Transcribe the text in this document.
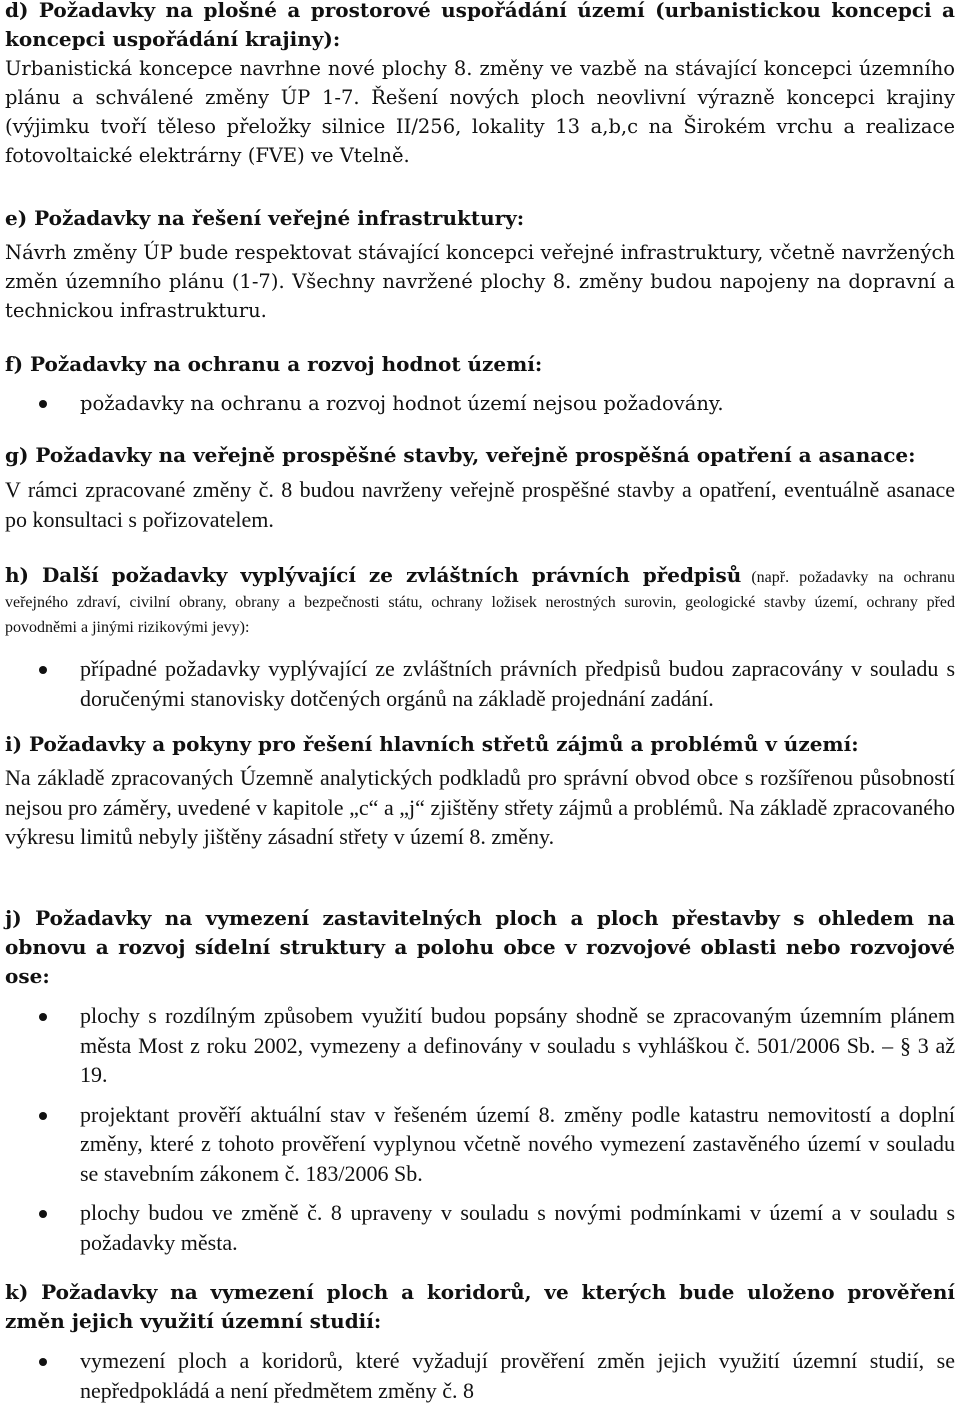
d) Požadavky na plošné a prostorové uspořádání území (urbanistickou koncepci a koncepci uspořádání krajiny):

Urbanistická koncepce navrhne nové plochy 8. změny ve vazbě na stávající koncepci územního plánu a schválené změny ÚP 1-7. Řešení nových ploch neovlivní výrazně koncepci krajiny (výjimku tvoří těleso přeložky silnice II/256, lokality 13 a,b,c na Širokém vrchu a realizace fotovoltaické elektrárny (FVE) ve Vtelně.

e) Požadavky na řešení veřejné infrastruktury:

Návrh změny ÚP bude respektovat stávající koncepci veřejné infrastruktury, včetně navržených změn územního plánu (1-7). Všechny navržené plochy 8. změny budou napojeny na dopravní a technickou infrastrukturu.

f) Požadavky na ochranu a rozvoj hodnot území:

požadavky na ochranu a rozvoj hodnot území nejsou požadovány.

g) Požadavky na veřejně prospěšné stavby, veřejně prospěšná opatření a asanace:

V rámci zpracované změny č. 8 budou navrženy veřejně prospěšné stavby a opatření, eventuálně asanace po konsultaci s pořizovatelem.

h) Další požadavky vyplývající ze zvláštních právních předpisů (např. požadavky na ochranu veřejného zdraví, civilní obrany, obrany a bezpečnosti státu, ochrany ložisek nerostných surovin, geologické stavby území, ochrany před povodněmi a jinými rizikovými jevy):

případné požadavky vyplývající ze zvláštních právních předpisů budou zapracovány v souladu s doručenými stanovisky dotčených orgánů na základě projednání zadání.

i) Požadavky a pokyny pro řešení hlavních střetů zájmů a problémů v území:

Na základě zpracovaných Územně analytických podkladů pro správní obvod obce s rozšířenou působností nejsou pro záměry, uvedené v kapitole „c“ a „j“ zjištěny střety zájmů a problémů. Na základě zpracovaného výkresu limitů nebyly jištěny zásadní střety v území 8. změny.

j) Požadavky na vymezení zastavitelných ploch a ploch přestavby s ohledem na obnovu a rozvoj sídelní struktury a polohu obce v rozvojové oblasti nebo rozvojové ose:

plochy s rozdílným způsobem využití budou popsány shodně se zpracovaným územním plánem města Most z roku 2002, vymezeny a definovány v souladu s vyhláškou č. 501/2006 Sb. – § 3 až 19.

projektant prověří aktuální stav v řešeném území 8. změny podle katastru nemovitostí a doplní změny, které z tohoto prověření vyplynou včetně nového vymezení zastavěného území v souladu se stavebním zákonem č. 183/2006 Sb.

plochy budou ve změně č. 8 upraveny v souladu s novými podmínkami v území a v souladu s požadavky města.

k) Požadavky na vymezení ploch a koridorů, ve kterých bude uloženo prověření změn jejich využití územní studií:

vymezení ploch a koridorů, které vyžadují prověření změn jejich využití územní studií, se nepředpokládá a není předmětem změny č. 8
